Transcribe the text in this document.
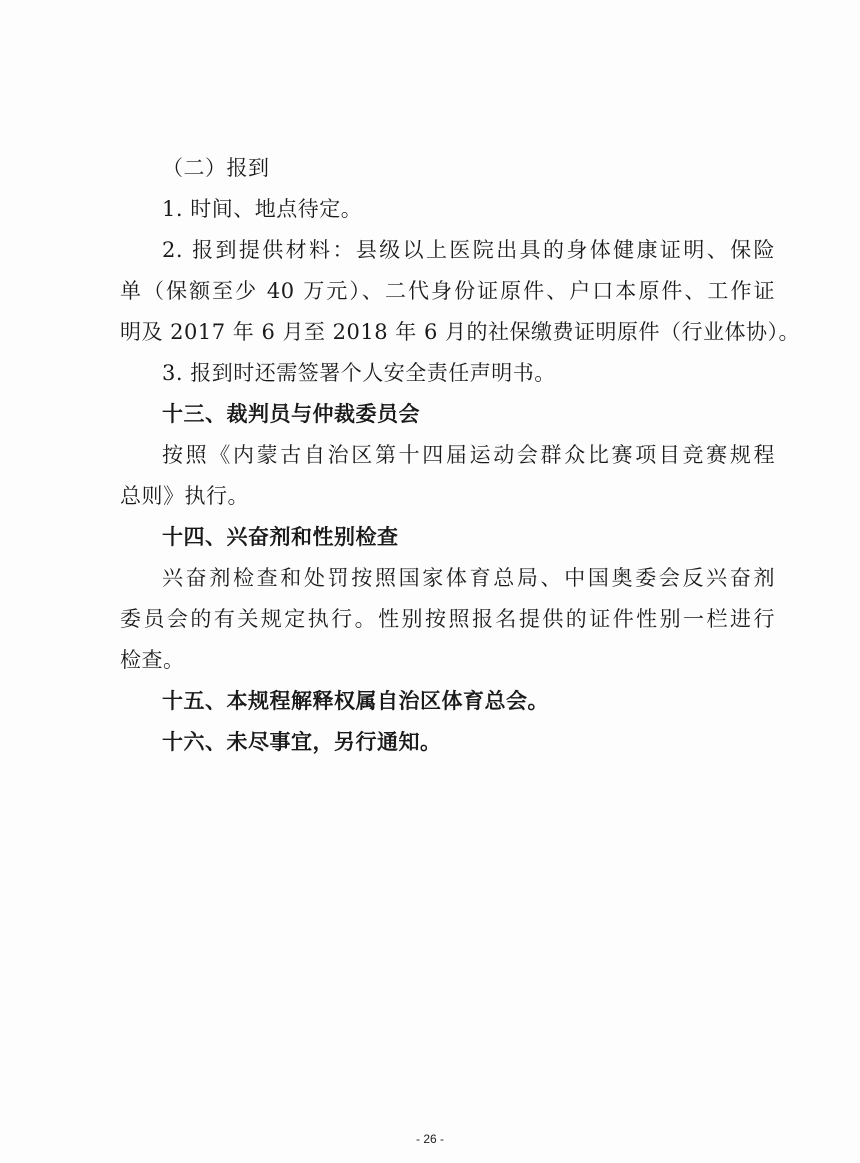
（二）报到
1. 时间、地点待定。
2. 报到提供材料：县级以上医院出具的身体健康证明、保险
单（保额至少 40 万元）、二代身份证原件、户口本原件、工作证
明及 2017 年 6 月至 2018 年 6 月的社保缴费证明原件（行业体协）。
3. 报到时还需签署个人安全责任声明书。
十三、裁判员与仲裁委员会
按照《内蒙古自治区第十四届运动会群众比赛项目竞赛规程
总则》执行。
十四、兴奋剂和性别检查
兴奋剂检查和处罚按照国家体育总局、中国奥委会反兴奋剂
委员会的有关规定执行。性别按照报名提供的证件性别一栏进行
检查。
十五、本规程解释权属自治区体育总会。
十六、未尽事宜，另行通知。
- 26 -
